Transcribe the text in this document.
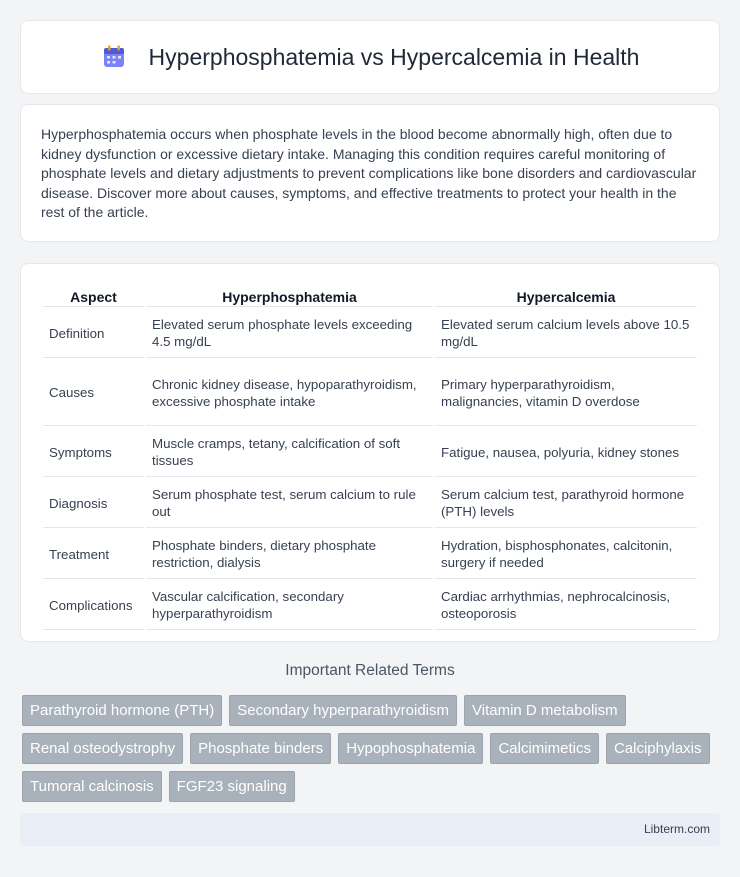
Hyperphosphatemia vs Hypercalcemia in Health

Hyperphosphatemia occurs when phosphate levels in the blood become abnormally high, often due to kidney dysfunction or excessive dietary intake. Managing this condition requires careful monitoring of phosphate levels and dietary adjustments to prevent complications like bone disorders and cardiovascular disease. Discover more about causes, symptoms, and effective treatments to protect your health in the rest of the article.

Aspect	Hyperphosphatemia	Hypercalcemia
Definition	Elevated serum phosphate levels exceeding 4.5 mg/dL	Elevated serum calcium levels above 10.5 mg/dL
Causes	Chronic kidney disease, hypoparathyroidism, excessive phosphate intake	Primary hyperparathyroidism, malignancies, vitamin D overdose
Symptoms	Muscle cramps, tetany, calcification of soft tissues	Fatigue, nausea, polyuria, kidney stones
Diagnosis	Serum phosphate test, serum calcium to rule out	Serum calcium test, parathyroid hormone (PTH) levels
Treatment	Phosphate binders, dietary phosphate restriction, dialysis	Hydration, bisphosphonates, calcitonin, surgery if needed
Complications	Vascular calcification, secondary hyperparathyroidism	Cardiac arrhythmias, nephrocalcinosis, osteoporosis
Important Related Terms
Parathyroid hormone (PTH)	Secondary hyperparathyroidism	Vitamin D metabolism
Renal osteodystrophy	Phosphate binders	Hypophosphatemia	Calcimimetics	Calciphylaxis
Tumoral calcinosis	FGF23 signaling
Libterm.com
